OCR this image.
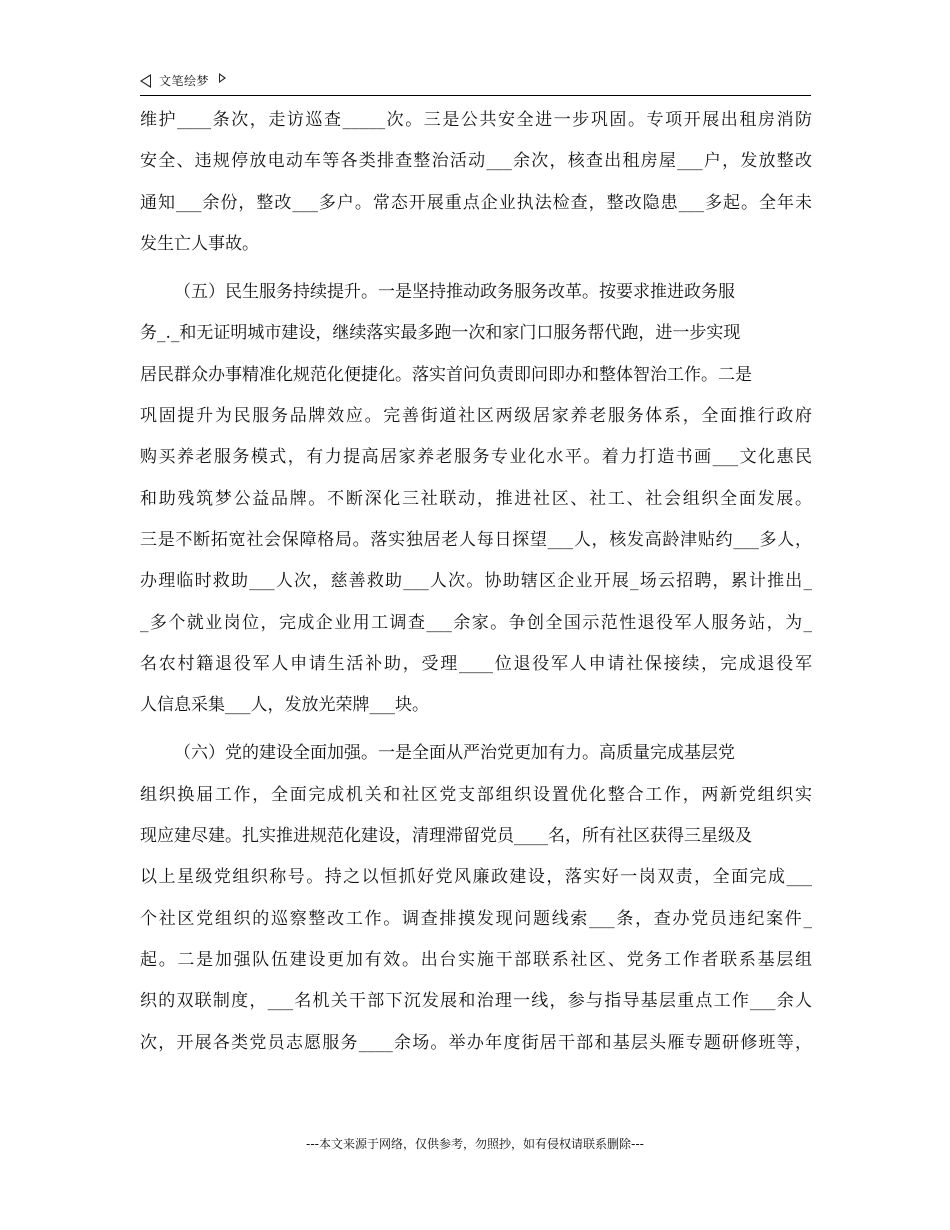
文笔绘梦
维护____条次，走访巡查_____次。三是公共安全进一步巩固。专项开展出租房消防
安全、违规停放电动车等各类排查整治活动___余次，核查出租房屋___户，发放整改
通知___余份，整改___多户。常态开展重点企业执法检查，整改隐患___多起。全年未
发生亡人事故。
（五）民生服务持续提升。一是坚持推动政务服务改革。按要求推进政务服
务_._和无证明城市建设，继续落实最多跑一次和家门口服务帮代跑，进一步实现
居民群众办事精准化规范化便捷化。落实首问负责即问即办和整体智治工作。二是
巩固提升为民服务品牌效应。完善街道社区两级居家养老服务体系，全面推行政府
购买养老服务模式，有力提高居家养老服务专业化水平。着力打造书画___文化惠民
和助残筑梦公益品牌。不断深化三社联动，推进社区、社工、社会组织全面发展。
三是不断拓宽社会保障格局。落实独居老人每日探望___人，核发高龄津贴约___多人，
办理临时救助___人次，慈善救助___人次。协助辖区企业开展_场云招聘，累计推出_
_多个就业岗位，完成企业用工调查___余家。争创全国示范性退役军人服务站，为_
名农村籍退役军人申请生活补助，受理____位退役军人申请社保接续，完成退役军
人信息采集___人，发放光荣牌___块。
（六）党的建设全面加强。一是全面从严治党更加有力。高质量完成基层党
组织换届工作，全面完成机关和社区党支部组织设置优化整合工作，两新党组织实
现应建尽建。扎实推进规范化建设，清理滞留党员____名，所有社区获得三星级及
以上星级党组织称号。持之以恒抓好党风廉政建设，落实好一岗双责，全面完成___
个社区党组织的巡察整改工作。调查排摸发现问题线索___条，查办党员违纪案件_
起。二是加强队伍建设更加有效。出台实施干部联系社区、党务工作者联系基层组
织的双联制度，___名机关干部下沉发展和治理一线，参与指导基层重点工作___余人
次，开展各类党员志愿服务____余场。举办年度街居干部和基层头雁专题研修班等，
---本文来源于网络，仅供参考，勿照抄，如有侵权请联系删除---
